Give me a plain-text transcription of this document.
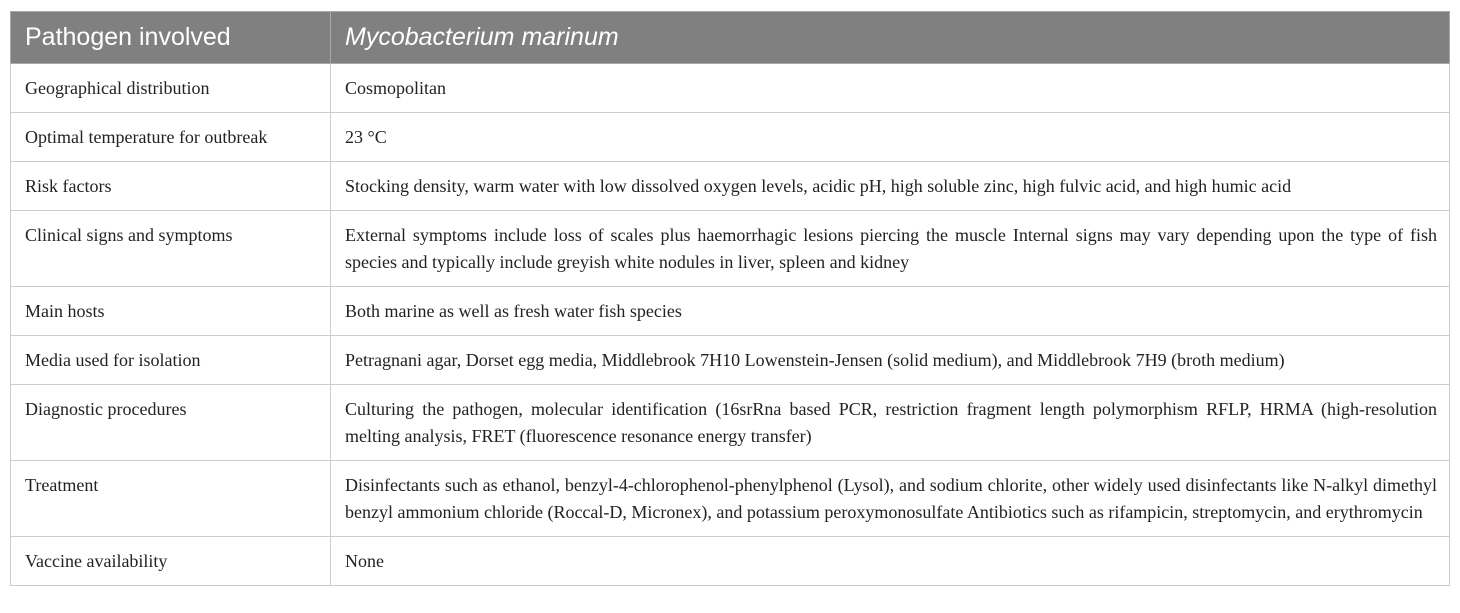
Pathogen involved	Mycobacterium marinum
Geographical distribution	Cosmopolitan
Optimal temperature for outbreak	23 °C
Risk factors	Stocking density, warm water with low dissolved oxygen levels, acidic pH, high soluble zinc, high fulvic acid, and high humic acid
Clinical signs and symptoms	External symptoms include loss of scales plus haemorrhagic lesions piercing the muscle Internal signs may vary depending upon the type of fish species and typically include greyish white nodules in liver, spleen and kidney
Main hosts	Both marine as well as fresh water fish species
Media used for isolation	Petragnani agar, Dorset egg media, Middlebrook 7H10 Lowenstein-Jensen (solid medium), and Middlebrook 7H9 (broth medium)
Diagnostic procedures	Culturing the pathogen, molecular identification (16srRna based PCR, restriction fragment length polymorphism RFLP, HRMA (high-resolution melting analysis, FRET (fluorescence resonance energy transfer)
Treatment	Disinfectants such as ethanol, benzyl-4-chlorophenol-phenylphenol (Lysol), and sodium chlorite, other widely used disinfectants like N-alkyl dimethyl benzyl ammonium chloride (Roccal-D, Micronex), and potassium peroxymonosulfate Antibiotics such as rifampicin, streptomycin, and erythromycin
Vaccine availability	None
